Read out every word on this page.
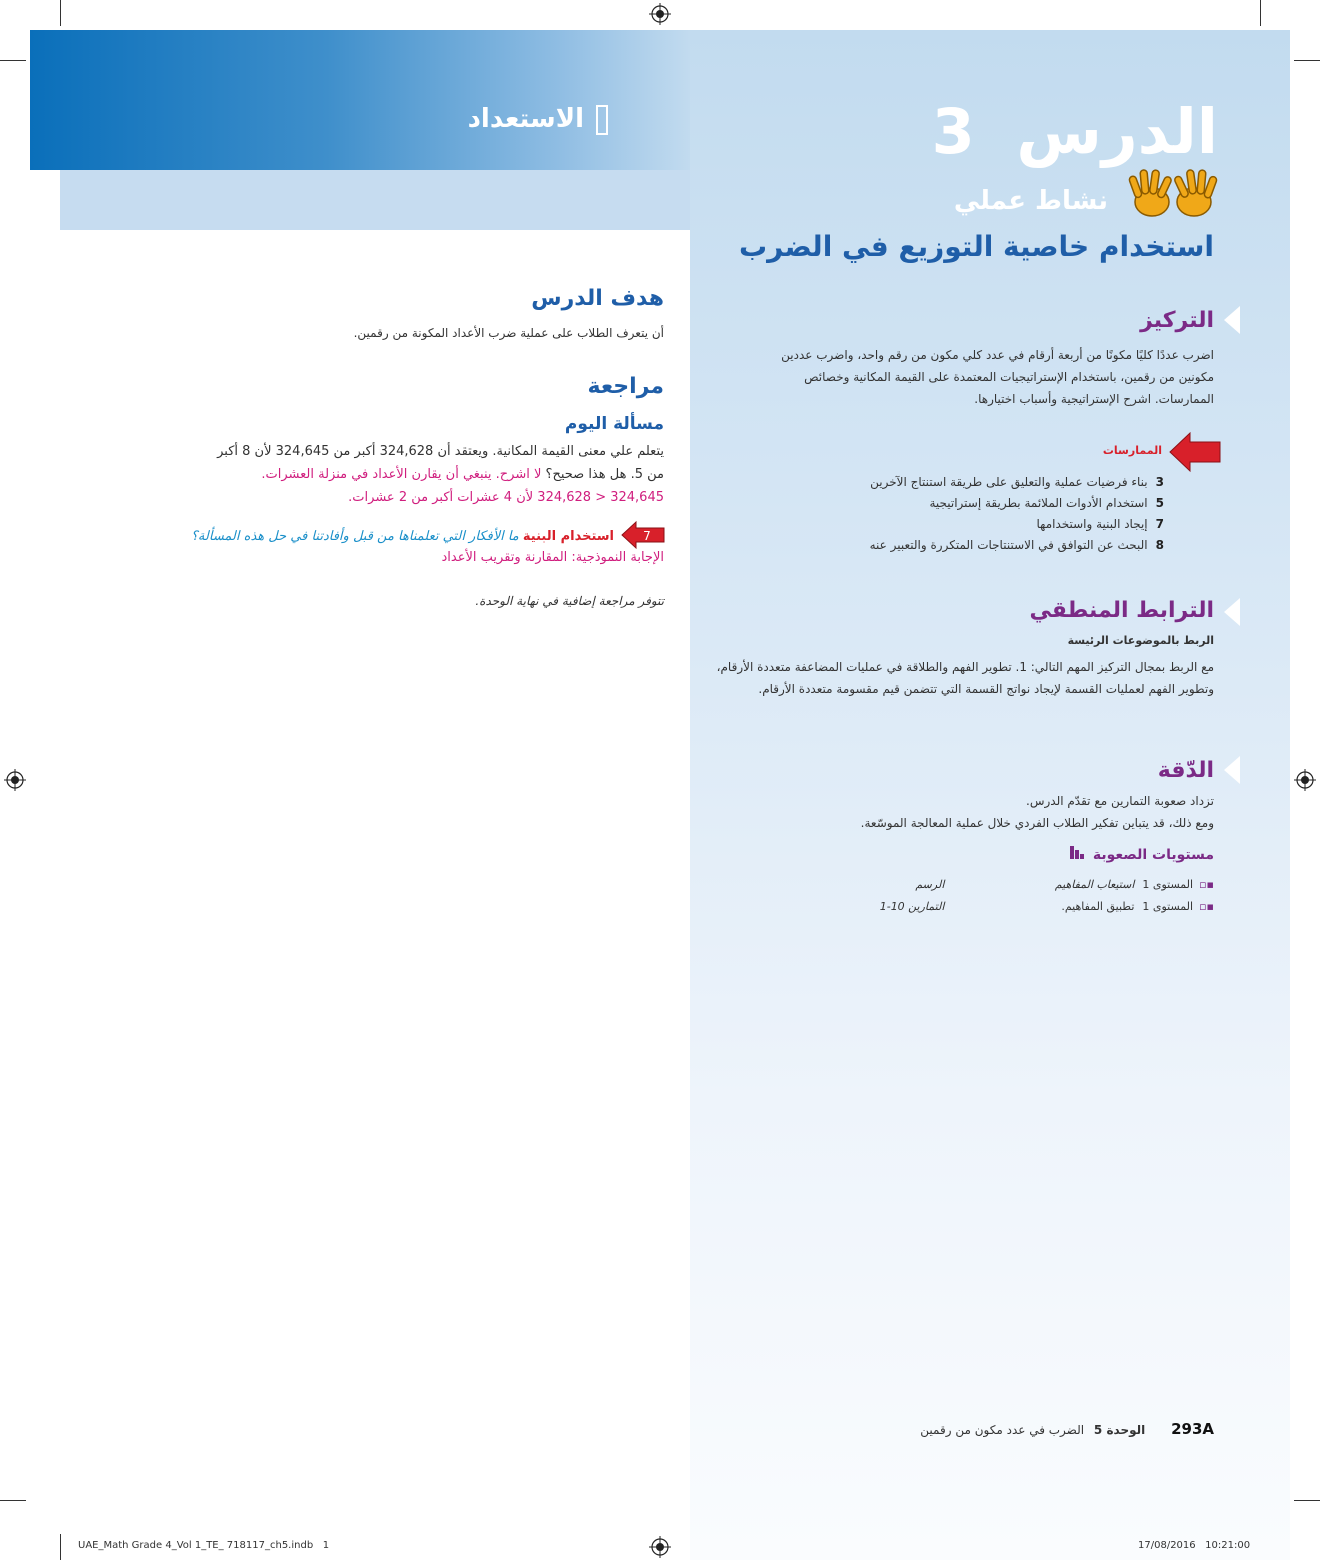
الاستعداد	الدرس 3
نشاط عملي
استخدام خاصية التوزيع في الضرب
هدف الدرس
أن يتعرف الطلاب على عملية ضرب الأعداد المكونة من رقمين.
مراجعة
مسألة اليوم
يتعلم علي معنى القيمة المكانية. ويعتقد أن 324,628 أكبر من 324,645 لأن 8 أكبر
من 5. هل هذا صحيح؟ لا اشرح. ينبغي أن يقارن الأعداد في منزلة العشرات.
324,645 < 324,628 لأن 4 عشرات أكبر من 2 عشرات.
7
استخدام البنية ما الأفكار التي تعلمناها من قبل وأفادتنا في حل هذه المسألة؟
الإجابة النموذجية: المقارنة وتقريب الأعداد
تتوفر مراجعة إضافية في نهاية الوحدة.
التركيز
اضرب عددًا كليًا مكونًا من أربعة أرقام في عدد كلي مكون من رقم واحد، واضرب عددين مكونين من رقمين، باستخدام الإستراتيجيات المعتمدة على القيمة المكانية وخصائص الممارسات. اشرح الإستراتيجية وأسباب اختيارها.
الممارسات
3بناء فرضيات عملية والتعليق على طريقة استنتاج الآخرين
5استخدام الأدوات الملائمة بطريقة إستراتيجية
7إيجاد البنية واستخدامها
8البحث عن التوافق في الاستنتاجات المتكررة والتعبير عنه
الترابط المنطقي
الربط بالموضوعات الرئيسة
مع الربط بمجال التركيز المهم التالي: 1. تطوير الفهم والطلاقة في عمليات المضاعفة متعددة الأرقام،
وتطوير الفهم لعمليات القسمة لإيجاد نواتج القسمة التي تتضمن قيم مقسومة متعددة الأرقام.
الدّقة
تزداد صعوبة التمارين مع تقدّم الدرس.
ومع ذلك، قد يتباين تفكير الطلاب الفردي خلال عملية المعالجة الموسّعة.
مستويات الصعوبة
▪▫
المستوى 1
استيعاب المفاهيم
الرسم
▪▫
المستوى 1
تطبيق المفاهيم.
التمارين 10-1
293A الوحدة 5 الضرب في عدد مكون من رقمين
UAE_Math Grade 4_Vol 1_TE_ 718117_ch5.indb   1	17/08/2016   10:21:00
